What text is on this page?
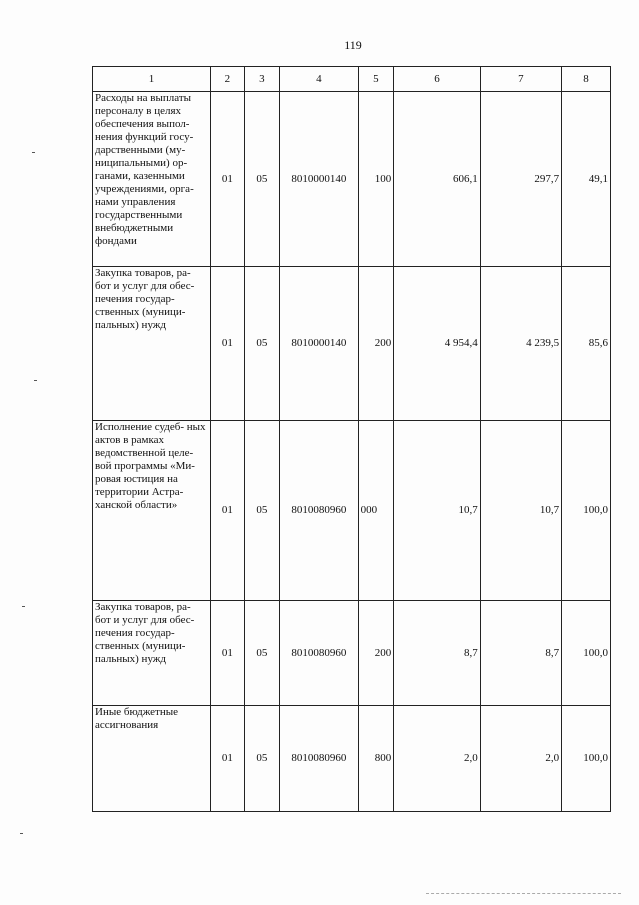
119
1	2	3	4	5	6	7	8
Расходы на выплаты персоналу в целях обеспечения выпол- нения функций госу- дарственными (му- ниципальными) ор- ганами, казенными учреждениями, орга- нами управления государственными внебюджетными фондами	01	05	8010000140	100	606,1	297,7	49,1
Закупка товаров, ра- бот и услуг для обес- печения государ- ственных (муници- пальных) нужд	01	05	8010000140	200	4 954,4	4 239,5	85,6
Исполнение судеб- ных актов в рамках ведомственной целе- вой программы «Ми- ровая юстиция на территории Астра- ханской области»	01	05	8010080960	000	10,7	10,7	100,0
Закупка товаров, ра- бот и услуг для обес- печения государ- ственных (муници- пальных) нужд	01	05	8010080960	200	8,7	8,7	100,0
Иные бюджетные ассигнования	01	05	8010080960	800	2,0	2,0	100,0
